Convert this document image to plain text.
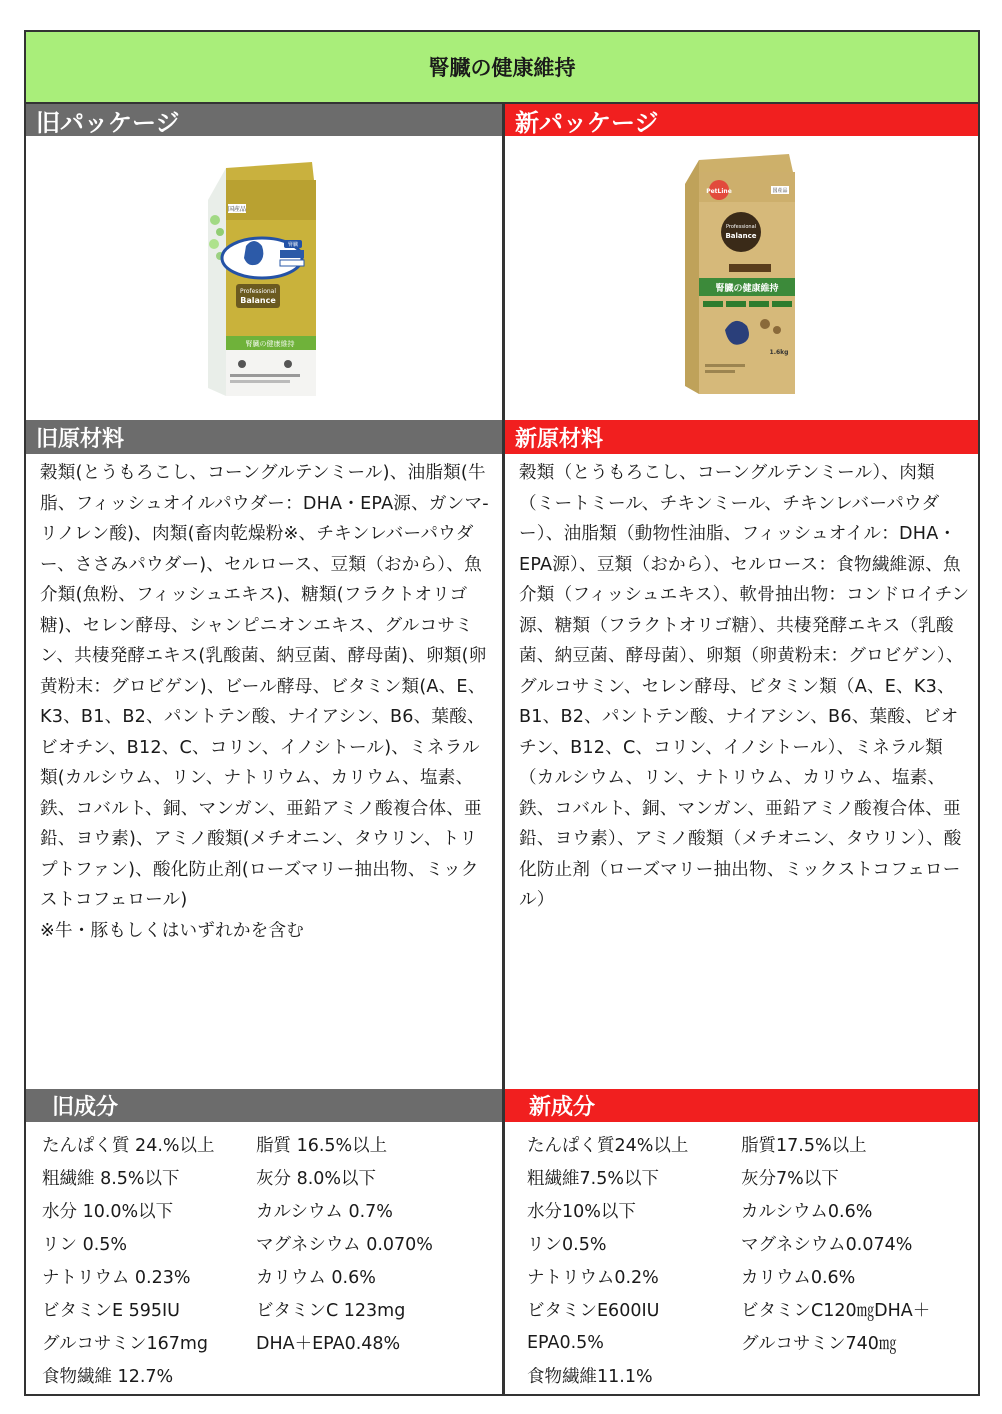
腎臓の健康維持
旧パッケージ
国産品
腎臓
Professional
Balance
腎臓の健康維持
旧原材料

穀類(とうもろこし、コーングルテンミール)、油脂類(牛脂、フィッシュオイルパウダー：DHA・EPA源、ガンマ-リノレン酸)、肉類(畜肉乾燥粉※、チキンレバーパウダー、ささみパウダー)、セルロース、豆類（おから）、魚介類(魚粉、フィッシュエキス)、糖類(フラクトオリゴ糖)、セレン酵母、シャンピニオンエキス、グルコサミン、共棲発酵エキス(乳酸菌、納豆菌、酵母菌)、卵類(卵黄粉末：グロビゲン)、ビール酵母、ビタミン類(A、E、K3、B1、B2、パントテン酸、ナイアシン、B6、葉酸、ビオチン、B12、C、コリン、イノシトール)、ミネラル類(カルシウム、リン、ナトリウム、カリウム、塩素、鉄、コバルト、銅、マンガン、亜鉛アミノ酸複合体、亜鉛、ヨウ素)、アミノ酸類(メチオニン、タウリン、トリプトファン)、酸化防止剤(ローズマリー抽出物、ミックストコフェロール)

※牛・豚もしくはいずれかを含む

旧成分
たんぱく質 24.%以上	脂質 16.5%以上
粗繊維 8.5%以下	灰分 8.0%以下
水分 10.0%以下	カルシウム 0.7%
リン 0.5%	マグネシウム 0.070%
ナトリウム 0.23%	カリウム 0.6%
ビタミンE 595IU	ビタミンC 123mg
グルコサミン167mg	DHA＋EPA0.48%
食物繊維 12.7%
新パッケージ
PetLine	国産品
Professional
Balance
腎臓の健康維持
1.6kg
新原材料

穀類（とうもろこし、コーングルテンミール）、肉類（ミートミール、チキンミール、チキンレバーパウダー）、油脂類（動物性油脂、フィッシュオイル：DHA・EPA源）、豆類（おから）、セルロース：食物繊維源、魚介類（フィッシュエキス）、軟骨抽出物：コンドロイチン源、糖類（フラクトオリゴ糖）、共棲発酵エキス（乳酸菌、納豆菌、酵母菌）、卵類（卵黄粉末：グロビゲン）、グルコサミン、セレン酵母、ビタミン類（A、E、K3、B1、B2、パントテン酸、ナイアシン、B6、葉酸、ビオチン、B12、C、コリン、イノシトール）、ミネラル類（カルシウム、リン、ナトリウム、カリウム、塩素、鉄、コバルト、銅、マンガン、亜鉛アミノ酸複合体、亜鉛、ヨウ素）、アミノ酸類（メチオニン、タウリン）、酸化防止剤（ローズマリー抽出物、ミックストコフェロール）

新成分
たんぱく質24%以上	脂質17.5%以上
粗繊維7.5%以下	灰分7%以下
水分10%以下	カルシウム0.6%
リン0.5%	マグネシウム0.074%
ナトリウム0.2%	カリウム0.6%
ビタミンE600IU	ビタミンC120㎎DHA＋
EPA0.5%	グルコサミン740㎎
食物繊維11.1%
